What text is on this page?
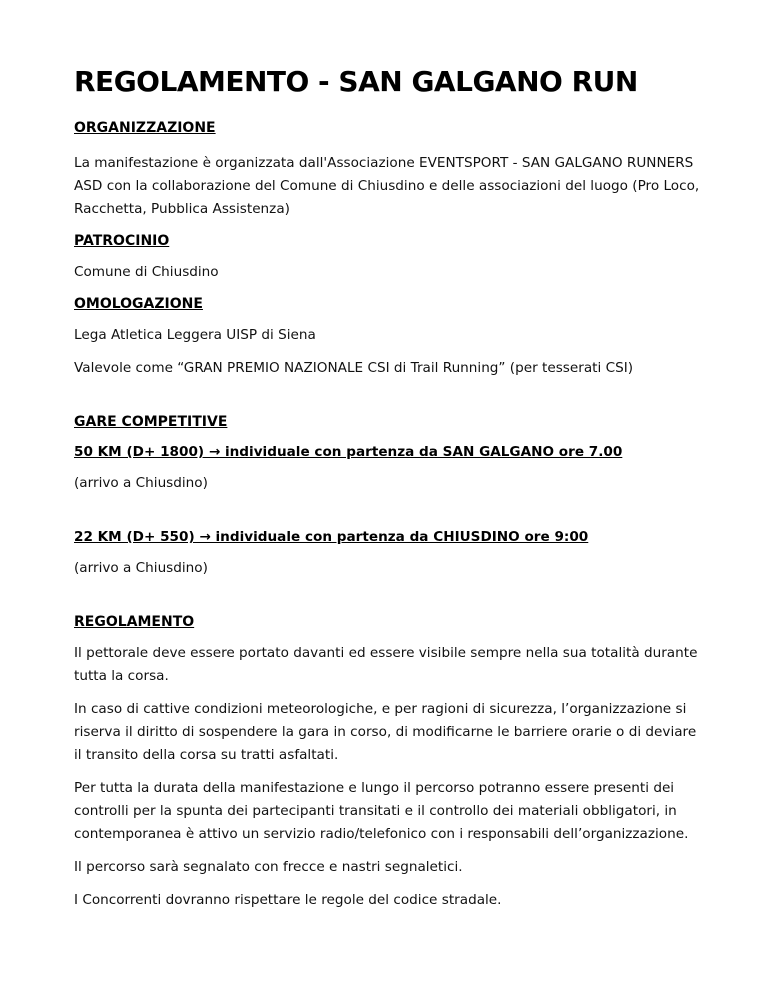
REGOLAMENTO - SAN GALGANO RUN
ORGANIZZAZIONE
La manifestazione è organizzata dall'Associazione EVENTSPORT - SAN GALGANO RUNNERS ASD con la collaborazione del Comune di Chiusdino e delle associazioni del luogo (Pro Loco, Racchetta, Pubblica Assistenza)
PATROCINIO
Comune di Chiusdino
OMOLOGAZIONE
Lega Atletica Leggera UISP di Siena
Valevole come “GRAN PREMIO NAZIONALE CSI di Trail Running” (per tesserati CSI)
GARE COMPETITIVE
50 KM (D+ 1800) → individuale con partenza da SAN GALGANO ore 7.00
(arrivo a Chiusdino)
22 KM (D+ 550) → individuale con partenza da CHIUSDINO ore 9:00
(arrivo a Chiusdino)
REGOLAMENTO
Il pettorale deve essere portato davanti ed essere visibile sempre nella sua totalità durante tutta la corsa.
In caso di cattive condizioni meteorologiche, e per ragioni di sicurezza, l’organizzazione si riserva il diritto di sospendere la gara in corso, di modificarne le barriere orarie o di deviare il transito della corsa su tratti asfaltati.
Per tutta la durata della manifestazione e lungo il percorso potranno essere presenti dei controlli per la spunta dei partecipanti transitati e il controllo dei materiali obbligatori, in contemporanea è attivo un servizio radio/telefonico con i responsabili dell’organizzazione.
Il percorso sarà segnalato con frecce e nastri segnaletici.
I Concorrenti dovranno rispettare le regole del codice stradale.
